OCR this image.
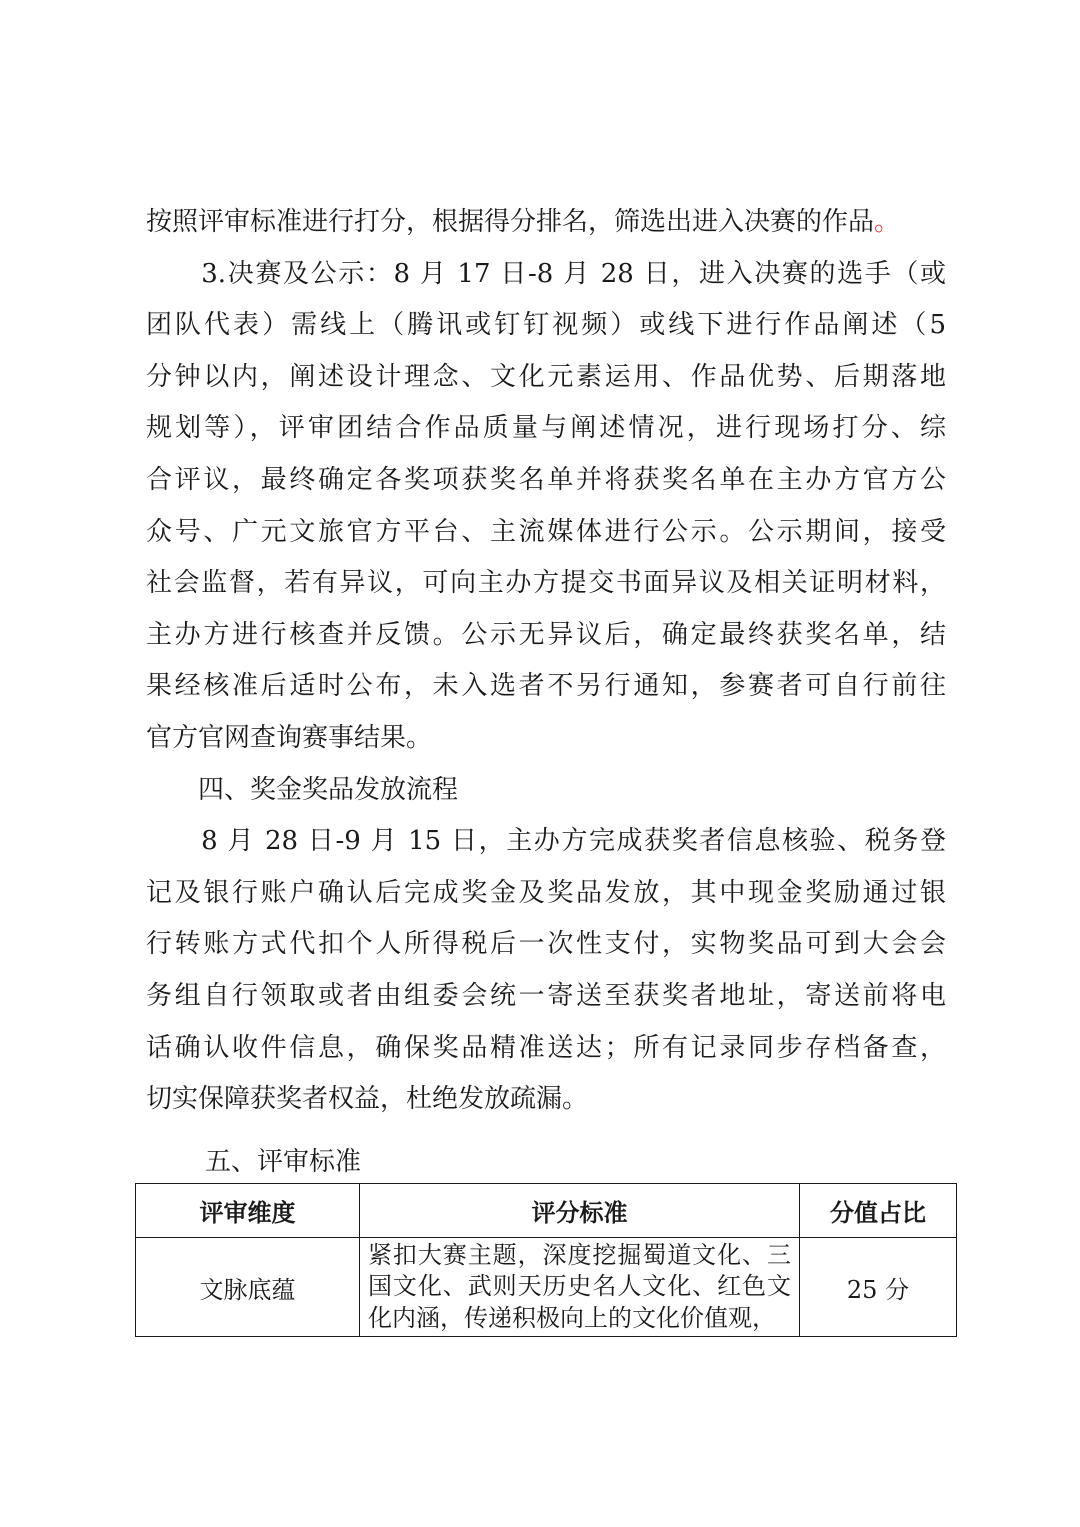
按照评审标准进行打分，根据得分排名，筛选出进入决赛的作品。
　　3.决赛及公示：8 月 17 日-8 月 28 日，进入决赛的选手（或
团队代表）需线上（腾讯或钉钉视频）或线下进行作品阐述（5
分钟以内，阐述设计理念、文化元素运用、作品优势、后期落地
规划等），评审团结合作品质量与阐述情况，进行现场打分、综
合评议，最终确定各奖项获奖名单并将获奖名单在主办方官方公
众号、广元文旅官方平台、主流媒体进行公示。公示期间，接受
社会监督，若有异议，可向主办方提交书面异议及相关证明材料，
主办方进行核查并反馈。公示无异议后，确定最终获奖名单，结
果经核准后适时公布，未入选者不另行通知，参赛者可自行前往
官方官网查询赛事结果。
　　四、奖金奖品发放流程
　　8 月 28 日-9 月 15 日，主办方完成获奖者信息核验、税务登
记及银行账户确认后完成奖金及奖品发放，其中现金奖励通过银
行转账方式代扣个人所得税后一次性支付，实物奖品可到大会会
务组自行领取或者由组委会统一寄送至获奖者地址，寄送前将电
话确认收件信息，确保奖品精准送达；所有记录同步存档备查，
切实保障获奖者权益，杜绝发放疏漏。
五、评审标准
评审维度	评分标准	分值占比
文脉底蕴	紧扣大赛主题，深度挖掘蜀道文化、三
国文化、武则天历史名人文化、红色文
化内涵，传递积极向上的文化价值观，	25 分
